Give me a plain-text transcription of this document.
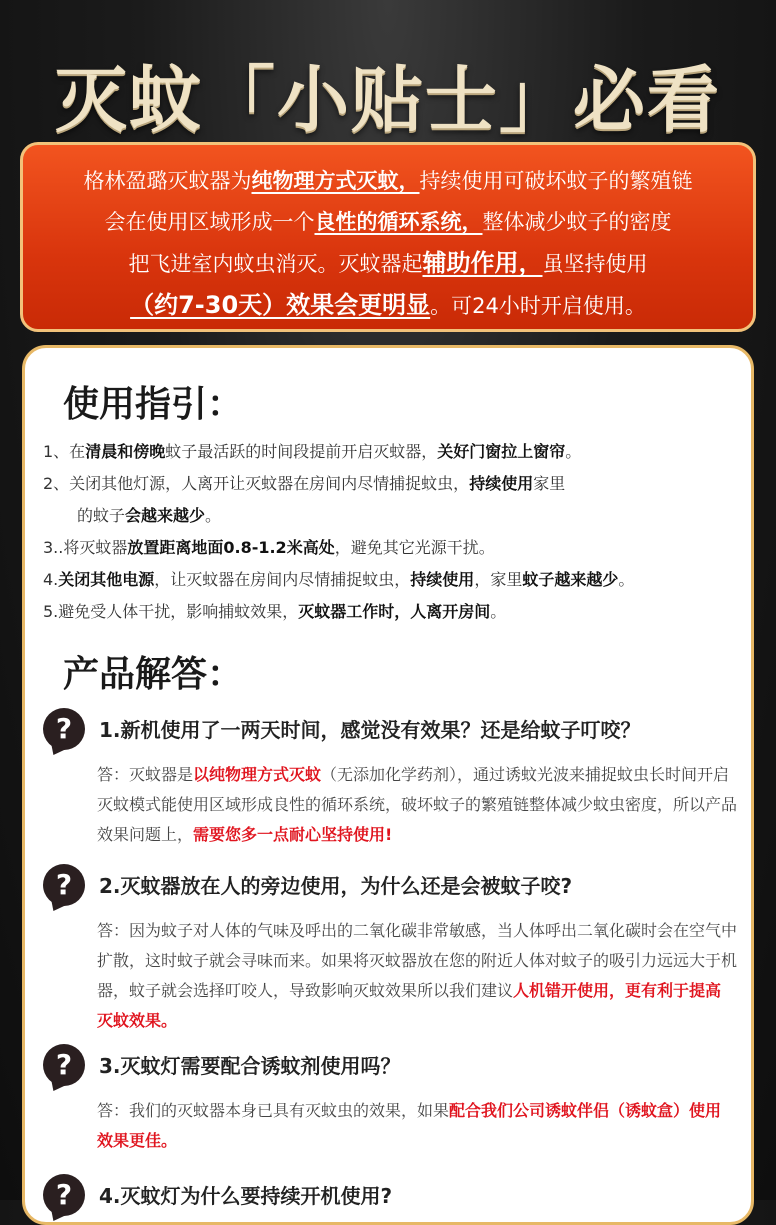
灭蚊「小贴士」必看
格林盈璐灭蚊器为纯物理方式灭蚊，持续使用可破坏蚊子的繁殖链
会在使用区域形成一个良性的循环系统，整体减少蚊子的密度
把飞进室内蚊虫消灭。灭蚊器起辅助作用，虽坚持使用
（约7-30天）效果会更明显。可24小时开启使用。
使用指引：
1、在清晨和傍晚蚊子最活跃的时间段提前开启灭蚊器，关好门窗拉上窗帘。
2、关闭其他灯源，人离开让灭蚊器在房间内尽情捕捉蚊虫，持续使用家里
的蚊子会越来越少。
3..将灭蚊器放置距离地面0.8-1.2米高处，避免其它光源干扰。
4.关闭其他电源，让灭蚊器在房间内尽情捕捉蚊虫，持续使用，家里蚊子越来越少。
5.避免受人体干扰，影响捕蚊效果，灭蚊器工作时，人离开房间。
产品解答：
?	1.新机使用了一两天时间，感觉没有效果？还是给蚊子叮咬？
答：灭蚊器是以纯物理方式灭蚊（无添加化学药剂），通过诱蚊光波来捕捉蚊虫长时间开启灭蚊模式能使用区域形成良性的循环系统，破坏蚊子的繁殖链整体减少蚊虫密度，所以产品效果问题上，需要您多一点耐心坚持使用!
?	2.灭蚊器放在人的旁边使用，为什么还是会被蚊子咬?
答：因为蚊子对人体的气味及呼出的二氧化碳非常敏感，当人体呼出二氧化碳时会在空气中扩散，这时蚊子就会寻味而来。如果将灭蚊器放在您的附近人体对蚊子的吸引力远远大于机器，蚊子就会选择叮咬人，导致影响灭蚊效果所以我们建议人机错开使用，更有利于提高灭蚊效果。
?	3.灭蚊灯需要配合诱蚊剂使用吗？
答：我们的灭蚊器本身已具有灭蚊虫的效果，如果配合我们公司诱蚊伴侣（诱蚊盒）使用效果更佳。
?	4.灭蚊灯为什么要持续开机使用?
